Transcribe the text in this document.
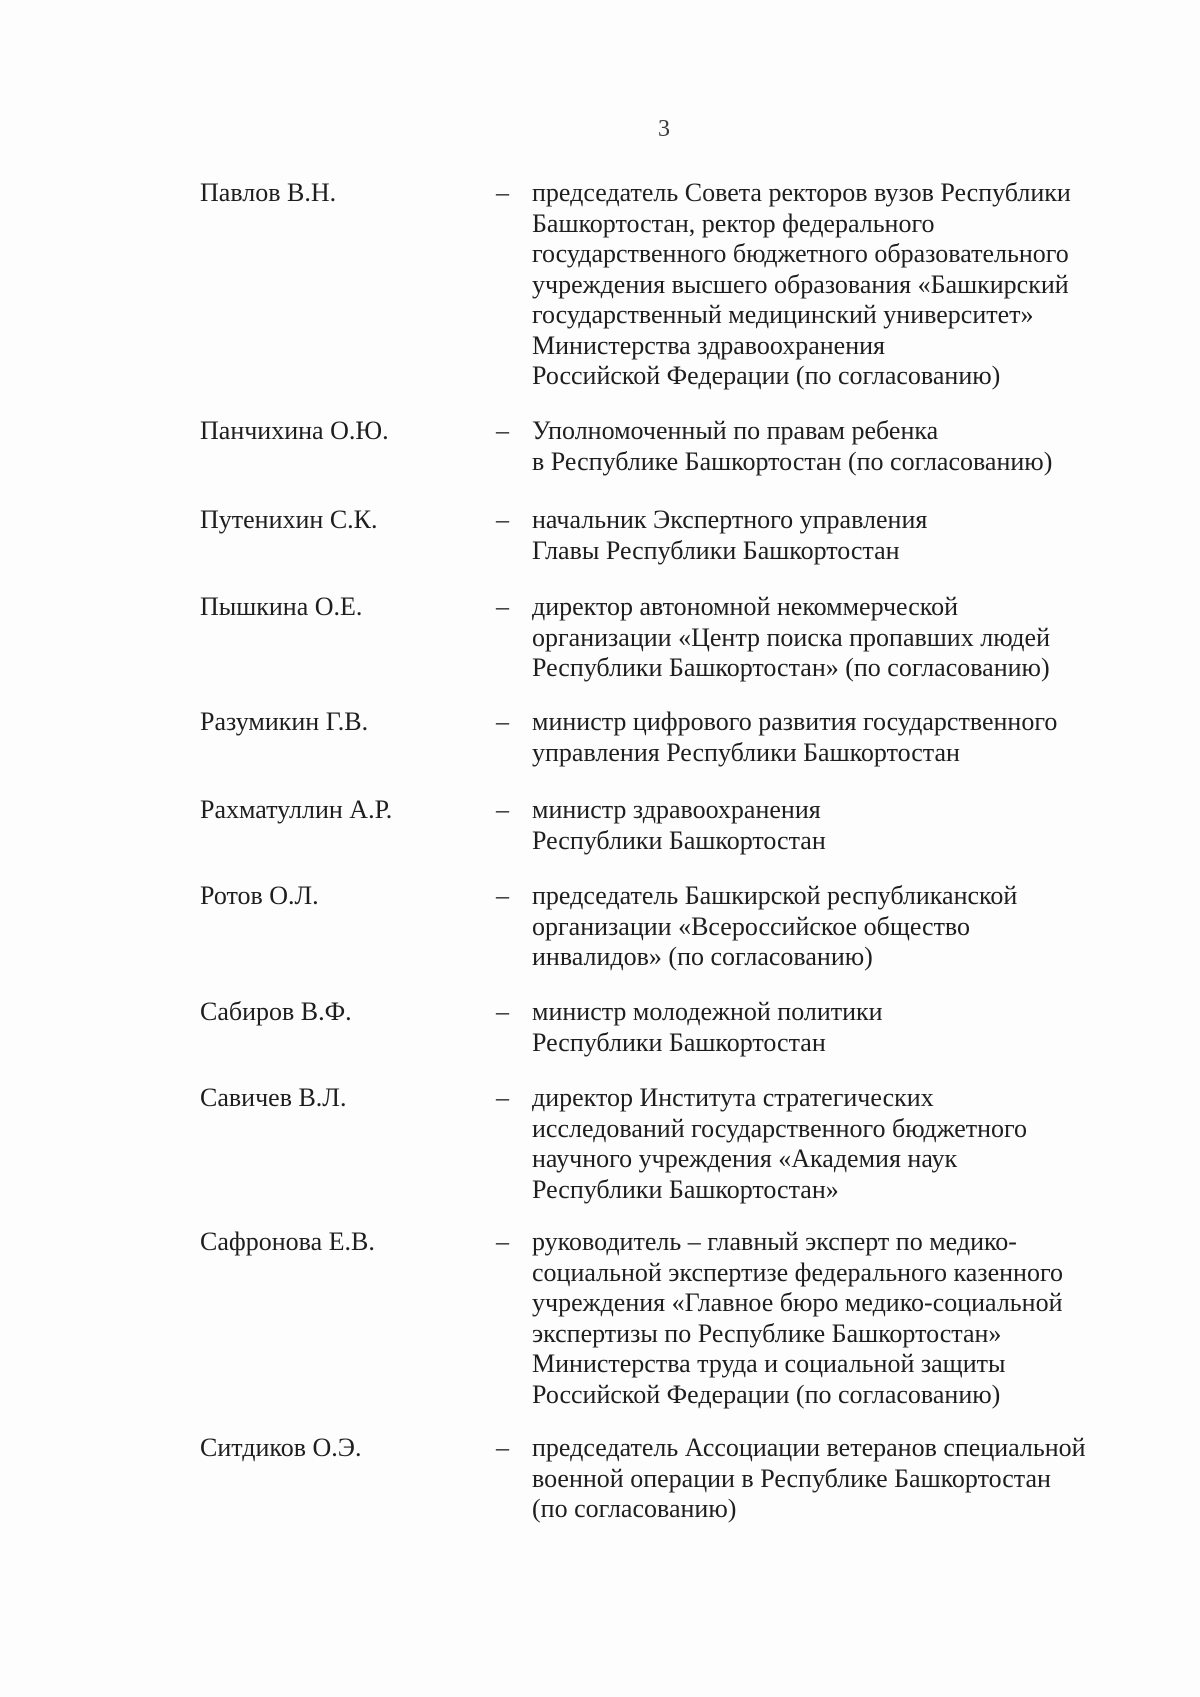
3
Павлов В.Н.	– председатель Совета ректоров вузов Республики
Башкортостан, ректор федерального
государственного бюджетного образовательного
учреждения высшего образования «Башкирский
государственный медицинский университет»
Министерства здравоохранения
Российской Федерации (по согласованию)
Панчихина О.Ю.	– Уполномоченный по правам ребенка
в Республике Башкортостан (по согласованию)
Путенихин С.К.	– начальник Экспертного управления
Главы Республики Башкортостан
Пышкина О.Е.	– директор автономной некоммерческой
организации «Центр поиска пропавших людей
Республики Башкортостан» (по согласованию)
Разумикин Г.В.	– министр цифрового развития государственного
управления Республики Башкортостан
Рахматуллин А.Р.	– министр здравоохранения
Республики Башкортостан
Ротов О.Л.	– председатель Башкирской республиканской
организации «Всероссийское общество
инвалидов» (по согласованию)
Сабиров В.Ф.	– министр молодежной политики
Республики Башкортостан
Савичев В.Л.	– директор Института стратегических
исследований государственного бюджетного
научного учреждения «Академия наук
Республики Башкортостан»
Сафронова Е.В.	– руководитель – главный эксперт по медико-
социальной экспертизе федерального казенного
учреждения «Главное бюро медико-социальной
экспертизы по Республике Башкортостан»
Министерства труда и социальной защиты
Российской Федерации (по согласованию)
Ситдиков О.Э.	– председатель Ассоциации ветеранов специальной
военной операции в Республике Башкортостан
(по согласованию)
